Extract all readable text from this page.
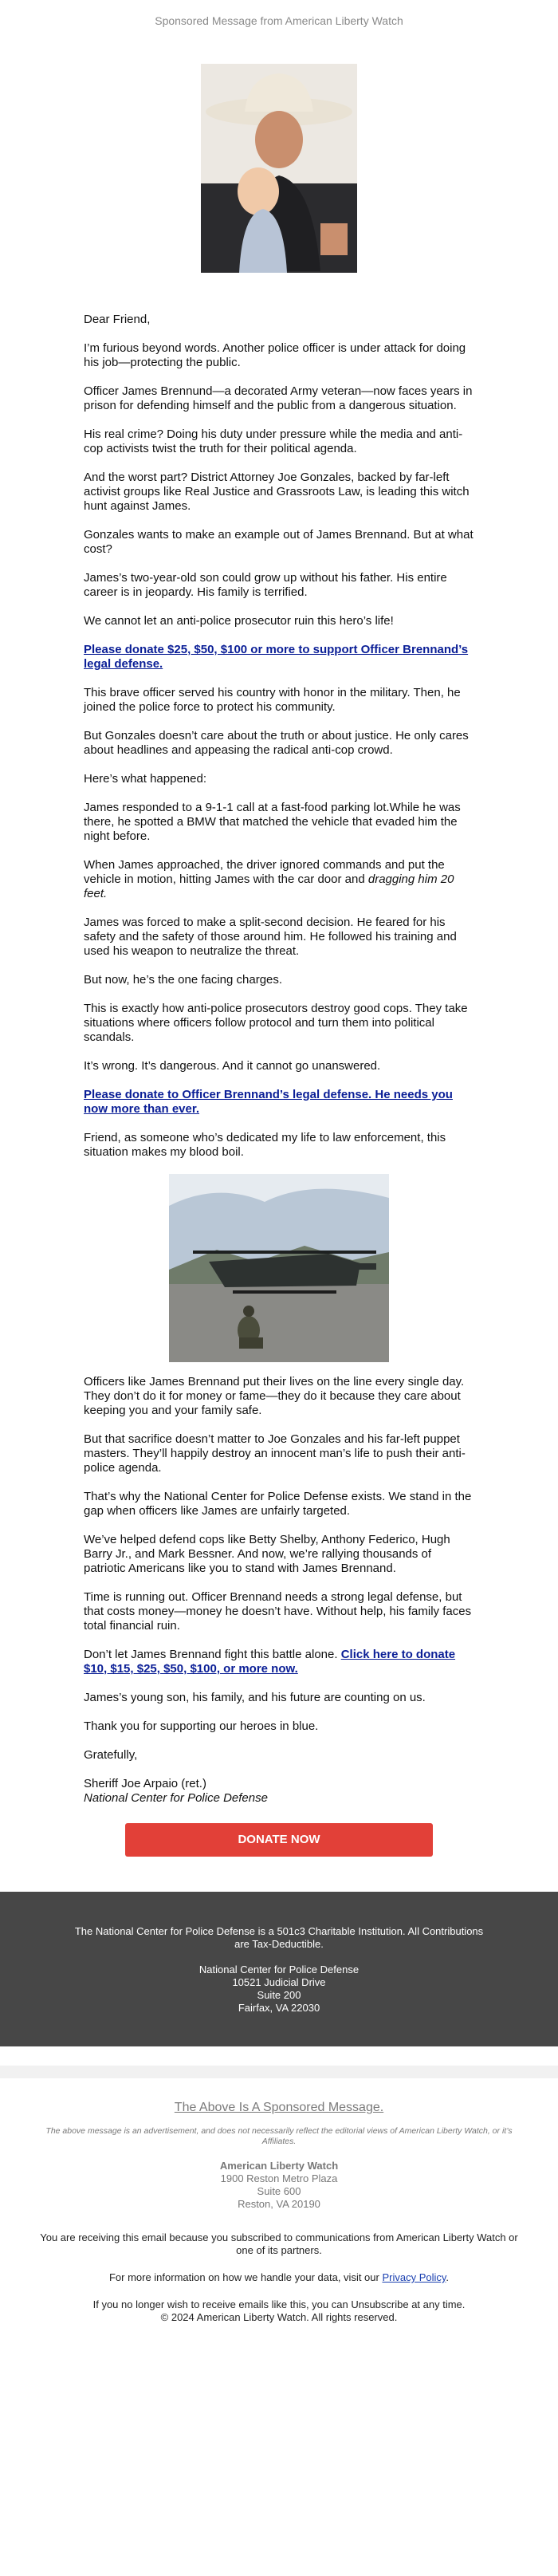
Sponsored Message from American Liberty Watch

Dear Friend,

I’m furious beyond words. Another police officer is under attack for doing his job—protecting the public.

Officer James Brennund—a decorated Army veteran—now faces years in prison for defending himself and the public from a dangerous situation.

His real crime? Doing his duty under pressure while the media and anti-cop activists twist the truth for their political agenda.

And the worst part? District Attorney Joe Gonzales, backed by far-left activist groups like Real Justice and Grassroots Law, is leading this witch hunt against James.

Gonzales wants to make an example out of James Brennand. But at what cost?

James’s two-year-old son could grow up without his father. His entire career is in jeopardy. His family is terrified.

We cannot let an anti-police prosecutor ruin this hero’s life!

Please donate $25, $50, $100 or more to support Officer Brennand’s legal defense.

This brave officer served his country with honor in the military. Then, he joined the police force to protect his community.

But Gonzales doesn’t care about the truth or about justice. He only cares about headlines and appeasing the radical anti-cop crowd.

Here’s what happened:

James responded to a 9-1-1 call at a fast-food parking lot.While he was there, he spotted a BMW that matched the vehicle that evaded him the night before.

When James approached, the driver ignored commands and put the vehicle in motion, hitting James with the car door and dragging him 20 feet.

James was forced to make a split-second decision. He feared for his safety and the safety of those around him. He followed his training and used his weapon to neutralize the threat.

But now, he’s the one facing charges.

This is exactly how anti-police prosecutors destroy good cops. They take situations where officers follow protocol and turn them into political scandals.

It’s wrong. It’s dangerous. And it cannot go unanswered.

Please donate to Officer Brennand’s legal defense. He needs you now more than ever.

Friend, as someone who’s dedicated my life to law enforcement, this situation makes my blood boil.

Officers like James Brennand put their lives on the line every single day. They don’t do it for money or fame—they do it because they care about keeping you and your family safe.

But that sacrifice doesn’t matter to Joe Gonzales and his far-left puppet masters. They’ll happily destroy an innocent man’s life to push their anti-police agenda.

That’s why the National Center for Police Defense exists. We stand in the gap when officers like James are unfairly targeted.

We’ve helped defend cops like Betty Shelby, Anthony Federico, Hugh Barry Jr., and Mark Bessner. And now, we’re rallying thousands of patriotic Americans like you to stand with James Brennand.

Time is running out. Officer Brennand needs a strong legal defense, but that costs money—money he doesn’t have. Without help, his family faces total financial ruin.

Don’t let James Brennand fight this battle alone. Click here to donate $10, $15, $25, $50, $100, or more now.

James’s young son, his family, and his future are counting on us.

Thank you for supporting our heroes in blue.

Gratefully,

Sheriff Joe Arpaio (ret.)
National Center for Police Defense

DONATE NOW
The National Center for Police Defense is a 501c3 Charitable Institution. All Contributions are Tax-Deductible.
National Center for Police Defense
10521 Judicial Drive
Suite 200
Fairfax, VA 22030
The Above Is A Sponsored Message.
The above message is an advertisement, and does not necessarily reflect the editorial views of American Liberty Watch, or it’s Affiliates.
American Liberty Watch
1900 Reston Metro Plaza
Suite 600
Reston, VA 20190
You are receiving this email because you subscribed to communications from American Liberty Watch or one of its partners.
For more information on how we handle your data, visit our Privacy Policy.
If you no longer wish to receive emails like this, you can Unsubscribe at any time.
© 2024 American Liberty Watch. All rights reserved.
